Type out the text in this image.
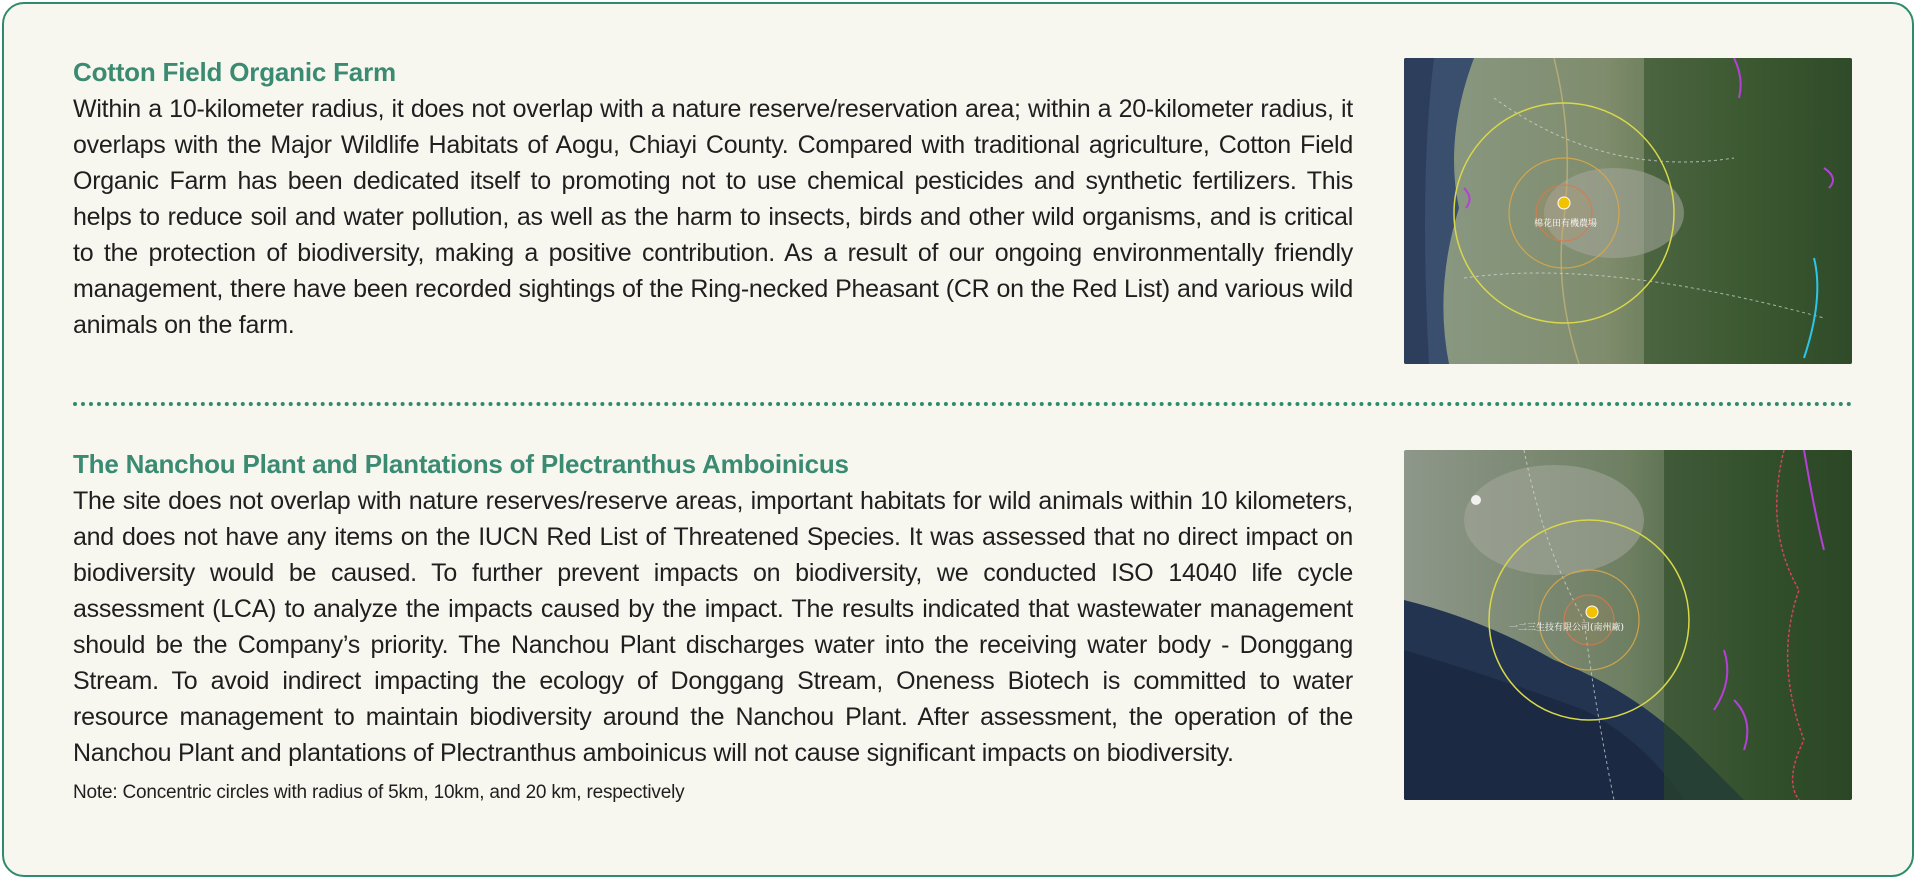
Cotton Field Organic Farm

Within a 10-kilometer radius, it does not overlap with a nature reserve/reservation area; within a 20-kilometer radius, it overlaps with the Major Wildlife Habitats of Aogu, Chiayi County. Compared with traditional agriculture, Cotton Field Organic Farm has been dedicated itself to promoting not to use chemical pesticides and synthetic fertilizers. This helps to reduce soil and water pollution, as well as the harm to insects, birds and other wild organisms, and is critical to the protection of biodiversity, making a positive contribution. As a result of our ongoing environmentally friendly management, there have been recorded sightings of the Ring-necked Pheasant (CR on the Red List) and various wild animals on the farm.

棉花田有機農場
The Nanchou Plant and Plantations of Plectranthus Amboinicus

The site does not overlap with nature reserves/reserve areas, important habitats for wild animals within 10 kilometers, and does not have any items on the IUCN Red List of Threatened Species. It was assessed that no direct impact on biodiversity would be caused. To further prevent impacts on biodiversity, we conducted ISO 14040 life cycle assessment (LCA) to analyze the impacts caused by the impact. The results indicated that wastewater management should be the Company’s priority. The Nanchou Plant discharges water into the receiving water body - Donggang Stream. To avoid indirect impacting the ecology of Donggang Stream, Oneness Biotech is committed to water resource management to maintain biodiversity around the Nanchou Plant. After assessment, the operation of the Nanchou Plant and plantations of Plectranthus amboinicus will not cause significant impacts on biodiversity.

Note: Concentric circles with radius of 5km, 10km, and 20 km, respectively

一二三生技有限公司(南州廠)
